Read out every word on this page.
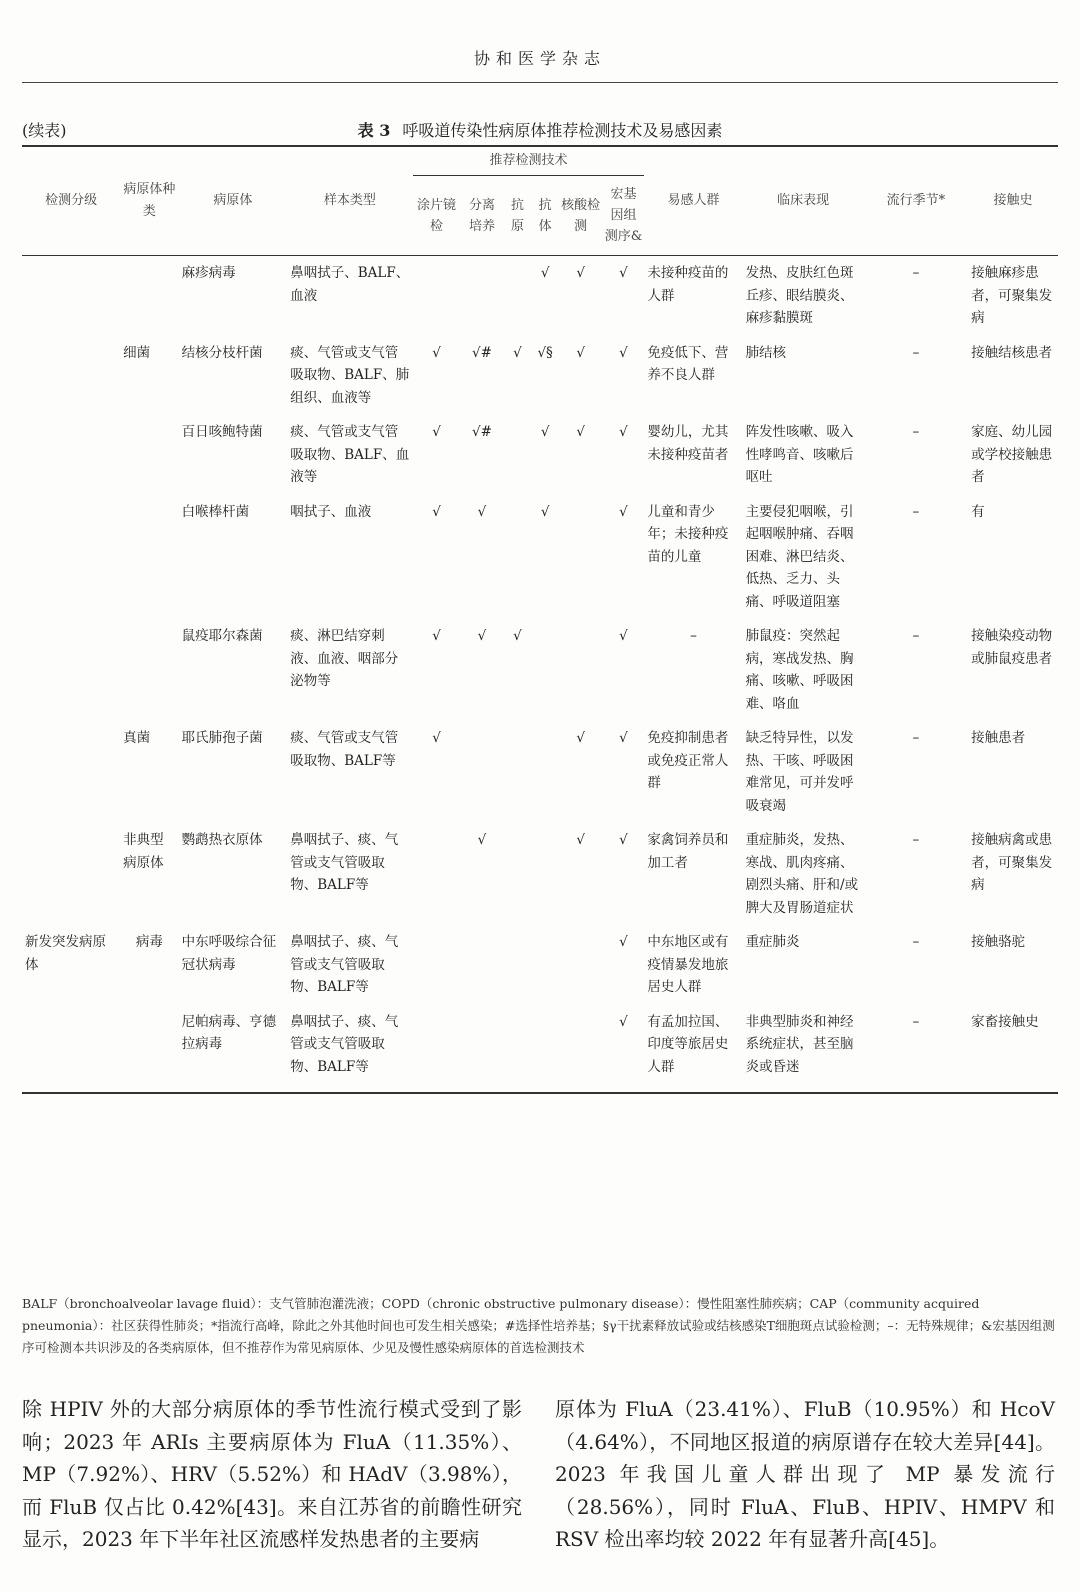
协和医学杂志
(续表)	表 3 呼吸道传染性病原体推荐检测技术及易感因素
检测分级	病原体种类	病原体	样本类型	推荐检测技术						易感人群	临床表现	流行季节*	接触史
				涂片镜检	分离培养	抗原	抗体	核酸检测	宏基因组测序&				
		麻疹病毒	鼻咽拭子、BALF、血液				√	√	√	未接种疫苗的人群	发热、皮肤红色斑丘疹、眼结膜炎、麻疹黏膜斑	–	接触麻疹患者，可聚集发病
	细菌	结核分枝杆菌	痰、气管或支气管吸取物、BALF、肺组织、血液等	√	√#	√	√§	√	√	免疫低下、营养不良人群	肺结核	–	接触结核患者
		百日咳鲍特菌	痰、气管或支气管吸取物、BALF、血液等	√	√#		√	√	√	婴幼儿，尤其未接种疫苗者	阵发性咳嗽、吸入性哮鸣音、咳嗽后呕吐	–	家庭、幼儿园或学校接触患者
		白喉棒杆菌	咽拭子、血液	√	√		√		√	儿童和青少年；未接种疫苗的儿童	主要侵犯咽喉，引起咽喉肿痛、吞咽困难、淋巴结炎、低热、乏力、头痛、呼吸道阻塞	–	有
		鼠疫耶尔森菌	痰、淋巴结穿刺液、血液、咽部分泌物等	√	√	√			√	–	肺鼠疫：突然起病，寒战发热、胸痛、咳嗽、呼吸困难、咯血	–	接触染疫动物或肺鼠疫患者
	真菌	耶氏肺孢子菌	痰、气管或支气管吸取物、BALF等	√				√	√	免疫抑制患者或免疫正常人群	缺乏特异性，以发热、干咳、呼吸困难常见，可并发呼吸衰竭	–	接触患者
	非典型病原体	鹦鹉热衣原体	鼻咽拭子、痰、气管或支气管吸取物、BALF等		√			√	√	家禽饲养员和加工者	重症肺炎，发热、寒战、肌肉疼痛、剧烈头痛、肝和/或脾大及胃肠道症状	–	接触病禽或患者，可聚集发病
新发突发病原体	病毒	中东呼吸综合征冠状病毒	鼻咽拭子、痰、气管或支气管吸取物、BALF等						√	中东地区或有疫情暴发地旅居史人群	重症肺炎	–	接触骆驼
		尼帕病毒、亨德拉病毒	鼻咽拭子、痰、气管或支气管吸取物、BALF等						√	有孟加拉国、印度等旅居史人群	非典型肺炎和神经系统症状，甚至脑炎或昏迷	–	家畜接触史
BALF（bronchoalveolar lavage fluid）：支气管肺泡灌洗液；COPD（chronic obstructive pulmonary disease）：慢性阻塞性肺疾病；CAP（community acquired pneumonia）：社区获得性肺炎；*指流行高峰，除此之外其他时间也可发生相关感染；#选择性培养基；§γ干扰素释放试验或结核感染T细胞斑点试验检测；–：无特殊规律；&宏基因组测序可检测本共识涉及的各类病原体，但不推荐作为常见病原体、少见及慢性感染病原体的首选检测技术
除 HPIV 外的大部分病原体的季节性流行模式受到了影响；2023 年 ARIs 主要病原体为 FluA（11.35%）、MP（7.92%）、HRV（5.52%）和 HAdV（3.98%），而 FluB 仅占比 0.42%[43]。来自江苏省的前瞻性研究显示，2023 年下半年社区流感样发热患者的主要病
原体为 FluA（23.41%）、FluB（10.95%）和 HcoV（4.64%），不同地区报道的病原谱存在较大差异[44]。2023 年我国儿童人群出现了 MP 暴发流行（28.56%），同时 FluA、FluB、HPIV、HMPV 和 RSV 检出率均较 2022 年有显著升高[45]。
